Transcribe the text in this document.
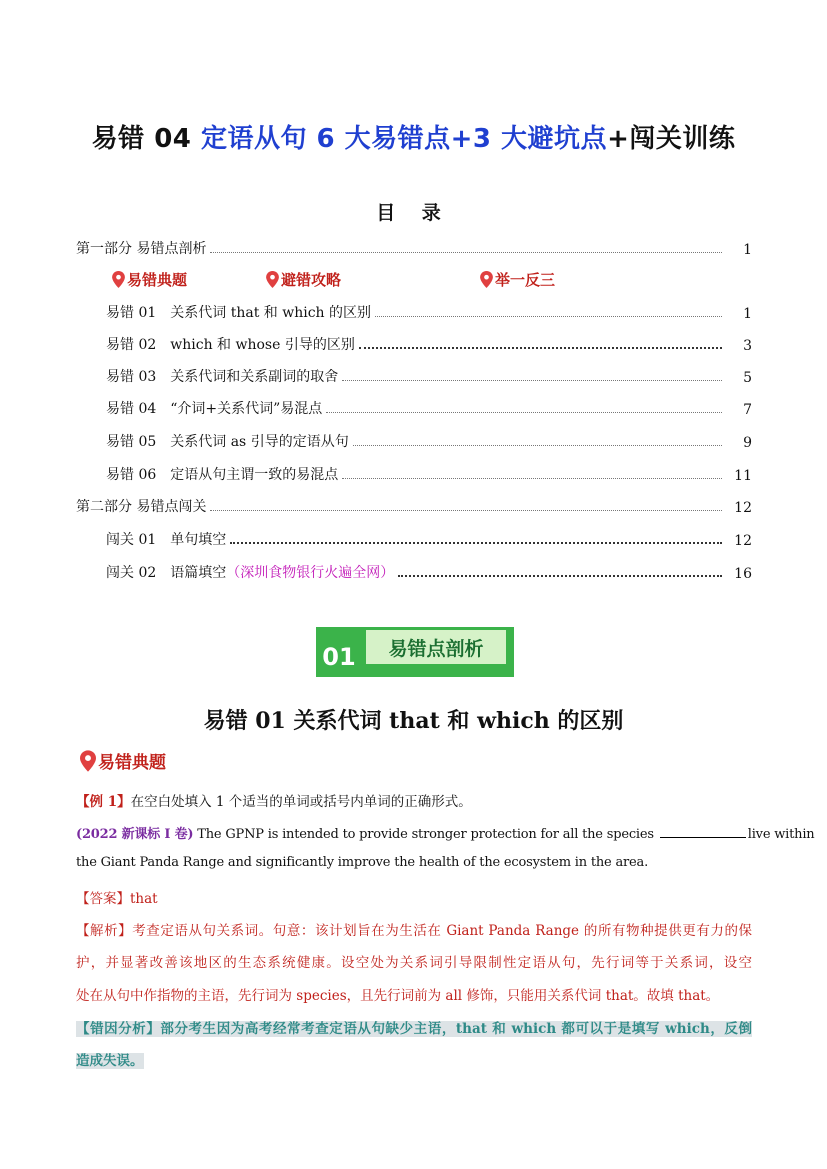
易错 04 定语从句 6 大易错点+3 大避坑点+闯关训练
目 录
第一部分 易错点剖析	1
易错典题	避错攻略	举一反三
易错 01 关系代词 that 和 which 的区别	1
易错 02 which 和 whose 引导的区别	3
易错 03 关系代词和关系副词的取舍	5
易错 04 “介词+关系代词”易混点	7
易错 05 关系代词 as 引导的定语从句	9
易错 06 定语从句主谓一致的易混点	11
第二部分 易错点闯关	12
闯关 01 单句填空	12
闯关 02 语篇填空（深圳食物银行火遍全网）	16
01	易错点剖析
易错 01 关系代词 that 和 which 的区别
易错典题
【例 1】在空白处填入 1 个适当的单词或括号内单词的正确形式。
(2022 新课标 I 卷) The GPNP is intended to provide stronger protection for all the species	live within
the Giant Panda Range and significantly improve the health of the ecosystem in the area.
【答案】that
【解析】考查定语从句关系词。句意：该计划旨在为生活在 Giant Panda Range 的所有物种提供更有力的保
护，并显著改善该地区的生态系统健康。设空处为关系词引导限制性定语从句，先行词等于关系词，设空
处在从句中作指物的主语，先行词为 species，且先行词前为 all 修饰，只能用关系代词 that。故填 that。
【错因分析】部分考生因为高考经常考查定语从句缺少主语，that 和 which 都可以于是填写 which，反倒
造成失误。
